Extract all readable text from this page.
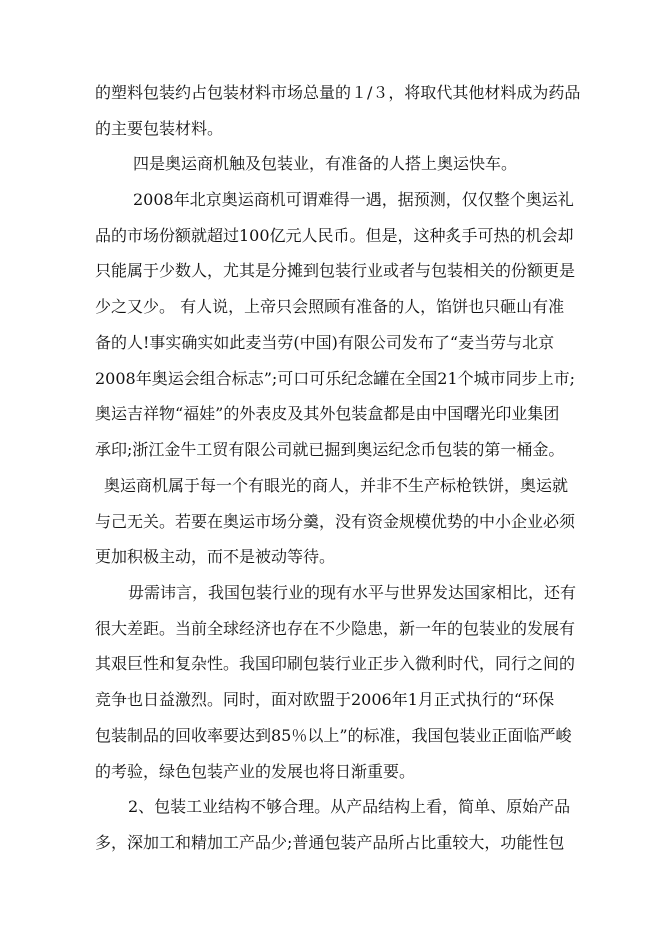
的塑料包装约占包装材料市场总量的１/３，将取代其他材料成为药品
的主要包装材料。
四是奥运商机触及包装业，有准备的人搭上奥运快车。
2008年北京奥运商机可谓难得一遇，据预测，仅仅整个奥运礼
品的市场份额就超过100亿元人民币。但是，这种炙手可热的机会却
只能属于少数人，尤其是分摊到包装行业或者与包装相关的份额更是
少之又少。 有人说，上帝只会照顾有准备的人，馅饼也只砸山有准
备的人!事实确实如此麦当劳(中国)有限公司发布了“麦当劳与北京
2008年奥运会组合标志”;可口可乐纪念罐在全国21个城市同步上市;
奥运吉祥物“福娃”的外表皮及其外包装盒都是由中国曙光印业集团
承印;浙江金牛工贸有限公司就已掘到奥运纪念币包装的第一桶金。
奥运商机属于每一个有眼光的商人，并非不生产标枪铁饼，奥运就
与己无关。若要在奥运市场分羹，没有资金规模优势的中小企业必须
更加积极主动，而不是被动等待。
毋需讳言，我国包装行业的现有水平与世界发达国家相比，还有
很大差距。当前全球经济也存在不少隐患，新一年的包装业的发展有
其艰巨性和复杂性。我国印刷包装行业正步入微利时代，同行之间的
竞争也日益激烈。同时，面对欧盟于2006年1月正式执行的“环保
包装制品的回收率要达到85％以上”的标准，我国包装业正面临严峻
的考验，绿色包装产业的发展也将日渐重要。
2、包装工业结构不够合理。从产品结构上看，简单、原始产品
多，深加工和精加工产品少;普通包装产品所占比重较大，功能性包
